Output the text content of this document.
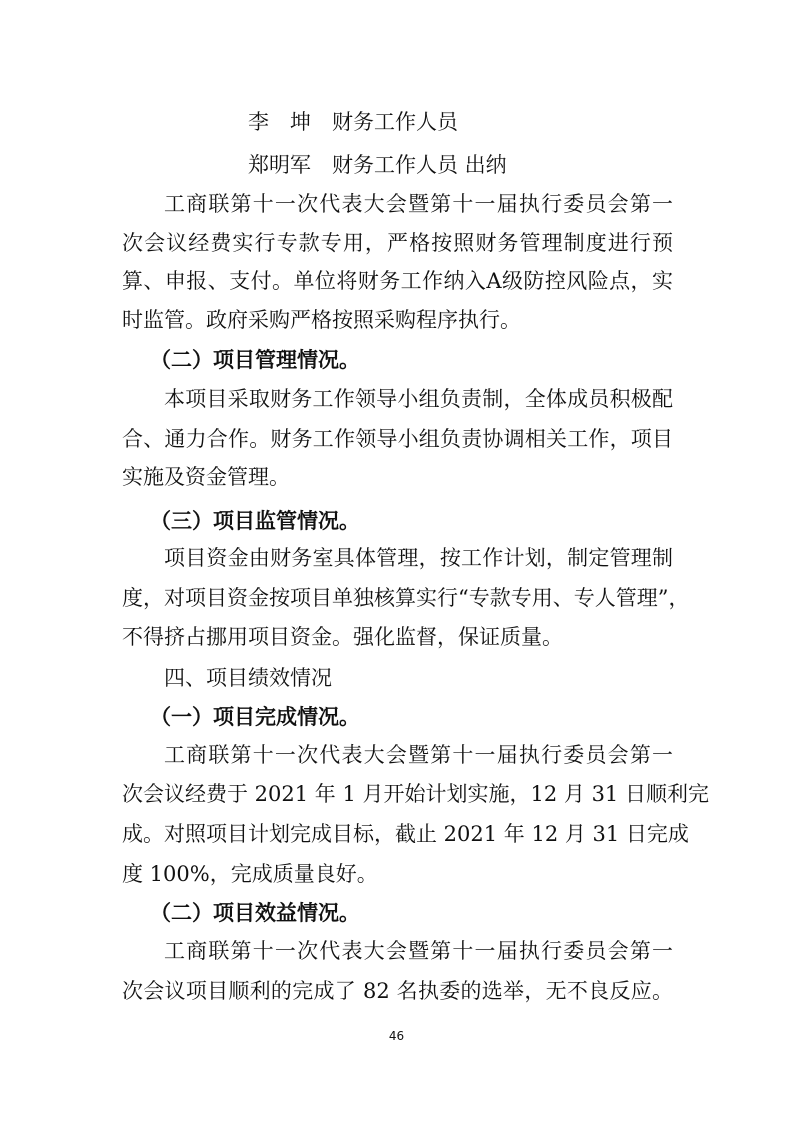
李　坤　 财务工作人员
郑明军　 财务工作人员 出纳
工商联第十一次代表大会暨第十一届执行委员会第一
次会议经费实行专款专用，严格按照财务管理制度进行预
算、申报、支付。单位将财务工作纳入A级防控风险点，实
时监管。政府采购严格按照采购程序执行。
（二）项目管理情况。
本项目采取财务工作领导小组负责制，全体成员积极配
合、通力合作。财务工作领导小组负责协调相关工作，项目
实施及资金管理。
（三）项目监管情况。
项目资金由财务室具体管理，按工作计划，制定管理制
度，对项目资金按项目单独核算实行“专款专用、专人管理”，
不得挤占挪用项目资金。强化监督，保证质量。
四、项目绩效情况
（一）项目完成情况。
工商联第十一次代表大会暨第十一届执行委员会第一
次会议经费于 2021 年 1 月开始计划实施，12 月 31 日顺利完
成。对照项目计划完成目标，截止 2021 年 12 月 31 日完成
度 100%，完成质量良好。
（二）项目效益情况。
工商联第十一次代表大会暨第十一届执行委员会第一
次会议项目顺利的完成了 82 名执委的选举，无不良反应。
46
